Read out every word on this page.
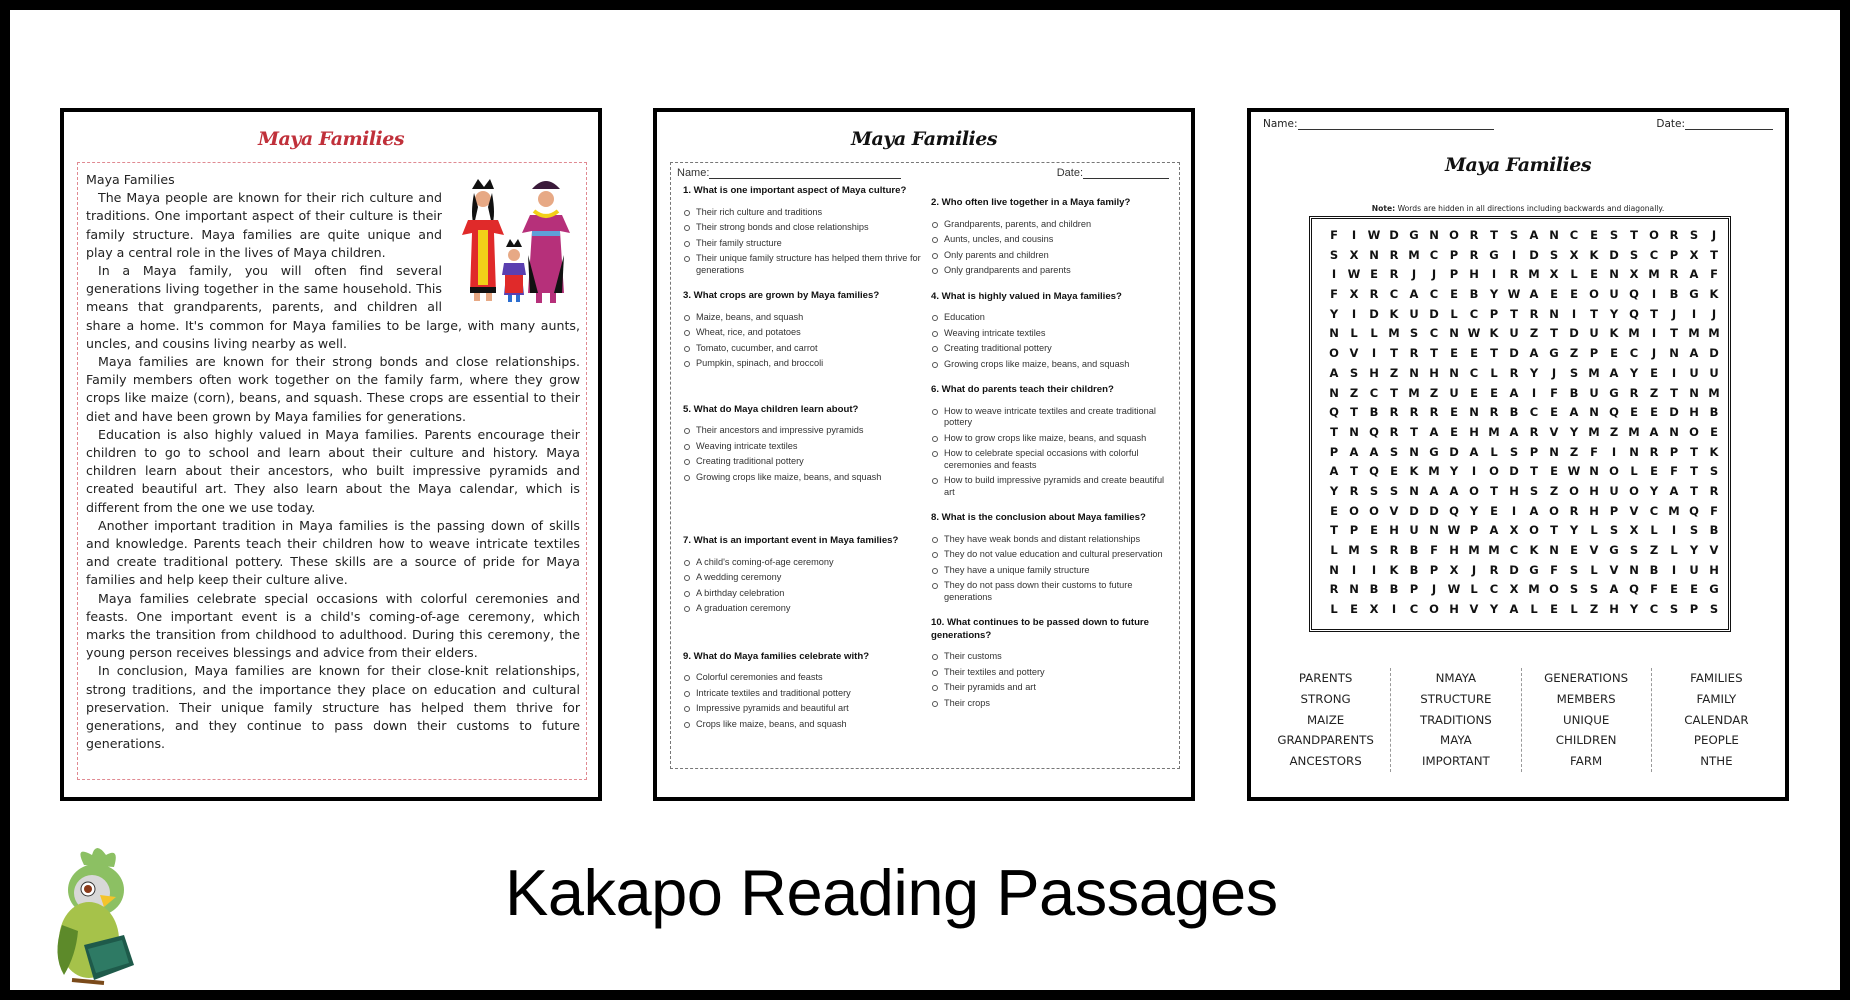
Maya Families

Maya Families

The Maya people are known for their rich culture and traditions. One important aspect of their culture is their family structure. Maya families are quite unique and play a central role in the lives of Maya children.

In a Maya family, you will often find several generations living together in the same household. This means that grandparents, parents, and children all share a home. It's common for Maya families to be large, with many aunts, uncles, and cousins living nearby as well.

Maya families are known for their strong bonds and close relationships. Family members often work together on the family farm, where they grow crops like maize (corn), beans, and squash. These crops are essential to their diet and have been grown by Maya families for generations.

Education is also highly valued in Maya families. Parents encourage their children to go to school and learn about their culture and history. Maya children learn about their ancestors, who built impressive pyramids and created beautiful art. They also learn about the Maya calendar, which is different from the one we use today.

Another important tradition in Maya families is the passing down of skills and knowledge. Parents teach their children how to weave intricate textiles and create traditional pottery. These skills are a source of pride for Maya families and help keep their culture alive.

Maya families celebrate special occasions with colorful ceremonies and feasts. One important event is a child's coming-of-age ceremony, which marks the transition from childhood to adulthood. During this ceremony, the young person receives blessings and advice from their elders.

In conclusion, Maya families are known for their close-knit relationships, strong traditions, and the importance they place on education and cultural preservation. Their unique family structure has helped them thrive for generations, and they continue to pass down their customs to future generations.

Maya Families
Name:	Date:
1. What is one important aspect of Maya culture?
Their rich culture and traditions
Their strong bonds and close relationships
Their family structure
Their unique family structure has helped them thrive for generations
3. What crops are grown by Maya families?
Maize, beans, and squash
Wheat, rice, and potatoes
Tomato, cucumber, and carrot
Pumpkin, spinach, and broccoli
5. What do Maya children learn about?
Their ancestors and impressive pyramids
Weaving intricate textiles
Creating traditional pottery
Growing crops like maize, beans, and squash
7. What is an important event in Maya families?
A child's coming-of-age ceremony
A wedding ceremony
A birthday celebration
A graduation ceremony
9. What do Maya families celebrate with?
Colorful ceremonies and feasts
Intricate textiles and traditional pottery
Impressive pyramids and beautiful art
Crops like maize, beans, and squash
2. Who often live together in a Maya family?
Grandparents, parents, and children
Aunts, uncles, and cousins
Only parents and children
Only grandparents and parents
4. What is highly valued in Maya families?
Education
Weaving intricate textiles
Creating traditional pottery
Growing crops like maize, beans, and squash
6. What do parents teach their children?
How to weave intricate textiles and create traditional pottery
How to grow crops like maize, beans, and squash
How to celebrate special occasions with colorful ceremonies and feasts
How to build impressive pyramids and create beautiful art
8. What is the conclusion about Maya families?
They have weak bonds and distant relationships
They do not value education and cultural preservation
They have a unique family structure
They do not pass down their customs to future generations
10. What continues to be passed down to future generations?
Their customs
Their textiles and pottery
Their pyramids and art
Their crops
Name:	Date:
Maya Families
Note: Words are hidden in all directions including backwards and diagonally.
F	I	W D G N O R	T	S A N C	E	S	T O R S	J
S X N R M C	P R G	I	D S X K D S	C	P X	T
I	W E	R	J	J	P H	I	R M X	L	E N X M R A	F
F	X R C A C	E	B Y W A	E	E O U Q	I	B G K
Y	I	D K U D	L	C	P	T	R N	I	T	Y Q T	J	I	J
N	L	L M S	C N W K U Z	T D U K M	I	T M M
O V	I	T	R	T	E	E	T D A G Z	P	E	C	J	N A D
A S H Z N H N C	L	R Y	J	S M A Y	E	I	U U
N Z	C	T M Z U E	E	A	I	F	B U G R Z	T N M
Q T	B R R R	E N R B C	E	A N Q E	E D H B
T N Q R	T	A	E H M A R V Y M Z M A N O E
P A A S N G D A	L	S	P N Z	F	I	N R P	T	K
A	T Q E	K M Y	I	O D T	E W N O L	E	F	T	S
Y R S	S N A A O T H S	Z O H U O Y A	T	R
E O O V D D Q Y	E	I	A O R H P V C M Q F
T	P	E H U N W P A X O T	Y	L	S X	L	I	S B
L M S R B	F H M M C K N E	V G S	Z	L	Y V
N	I	I	K B P X	J	R D G F	S	L	V N B	I	U H
R N B B P	J	W L	C X M O S	S A Q F	E	E G
L	E	X	I	C O H V Y A	L	E	L	Z H Y	C	S	P	S
PARENTS
STRONG
MAIZE
GRANDPARENTS
ANCESTORS
NMAYA
STRUCTURE
TRADITIONS
MAYA
IMPORTANT
GENERATIONS
MEMBERS
UNIQUE
CHILDREN
FARM
FAMILIES
FAMILY
CALENDAR
PEOPLE
NTHE
Kakapo Reading Passages
